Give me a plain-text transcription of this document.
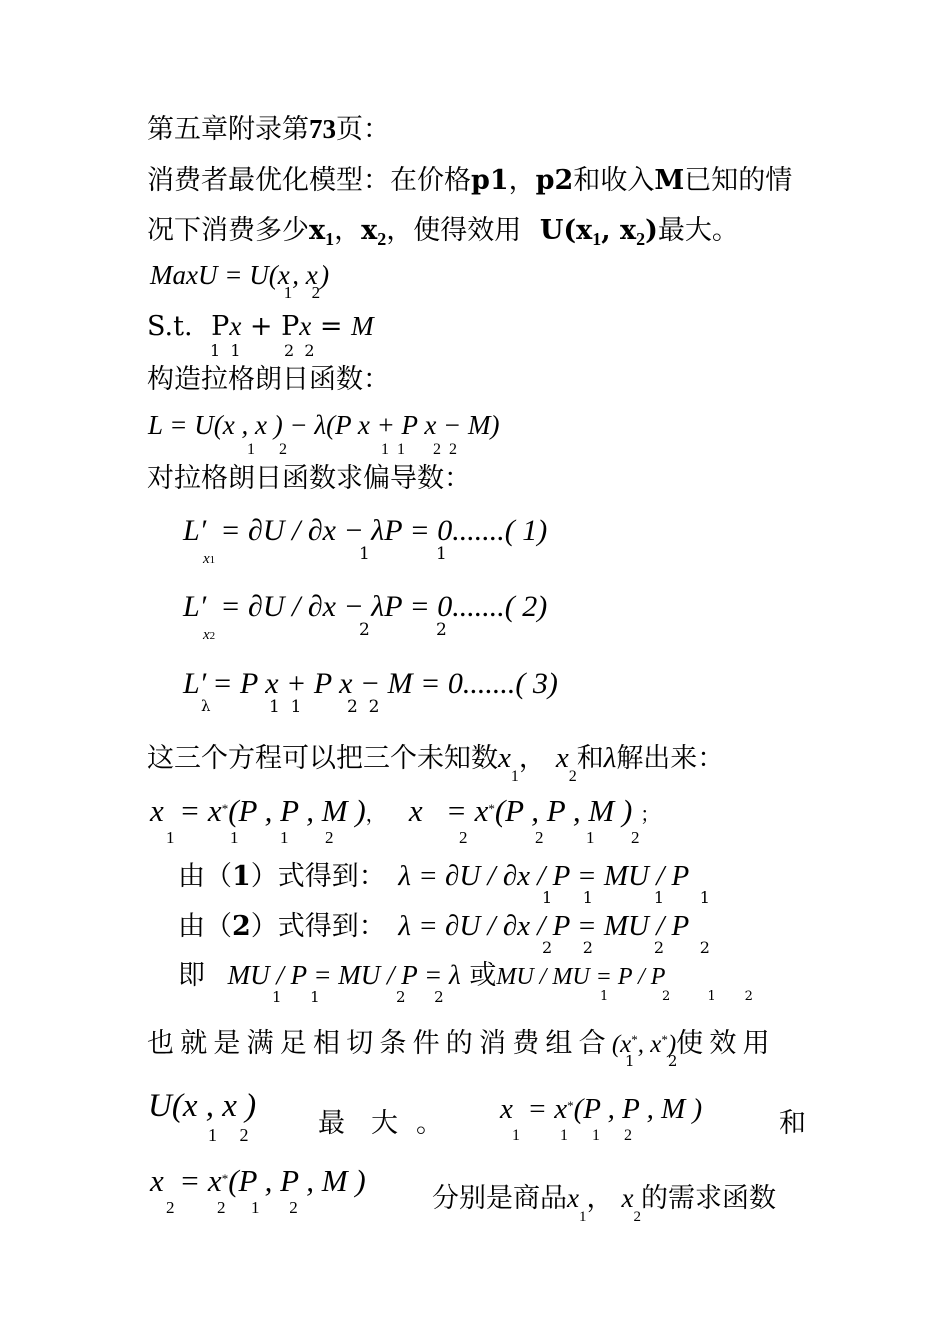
第五章附录第73页：
消费者最优化模型：在价格p1，p2和收入M已知的情
况下消费多少$x_1$，$x_2$，使得效用 $U(x_1$, $x_2$)最大。
MaxU = $U(x_1$, $x_2$)
S.t. Px + Px = M
1  1	2  2
构造拉格朗日函数：
L = U(x , x ) − λ(P x + P x − M)
1      2	1  1       2  2
对拉格朗日函数求偏导数：
L′ = ∂U / ∂x − λP = 0.......( 1)
x1	1	1
L′ = ∂U / ∂x − λP = 0.......( 2)
x2	2	2
L′ = P x + P x − M = 0.......( 3)
λ	1  1	2  2
这三个方程可以把三个未知数$x_1$， $x_2$和λ解出来：
x  = x*(P , P , M )，   x   = x*(P , P , M ) ；
1	1 1 2	2	2	1 2
由（1）式得到： λ = ∂U / ∂x / P = MU / P
1      1            1       1
由（2）式得到： λ = ∂U / ∂x / P = MU / P
2      2            2       2
即 MU / P = MU / P = λ 或MU / MU = P / P
1      1                2      2	1             2         1       2
也就是满足相切条件的消费组合(x*, x*)使效用
1       2
U(x , x )
1     2	最 大 。 x  = x*(P , P , M )
1          1      1      2	和
x  = x*(P , P , M )
2          2      1       2	分别是商品$x_1$， $x_2$的需求函数
